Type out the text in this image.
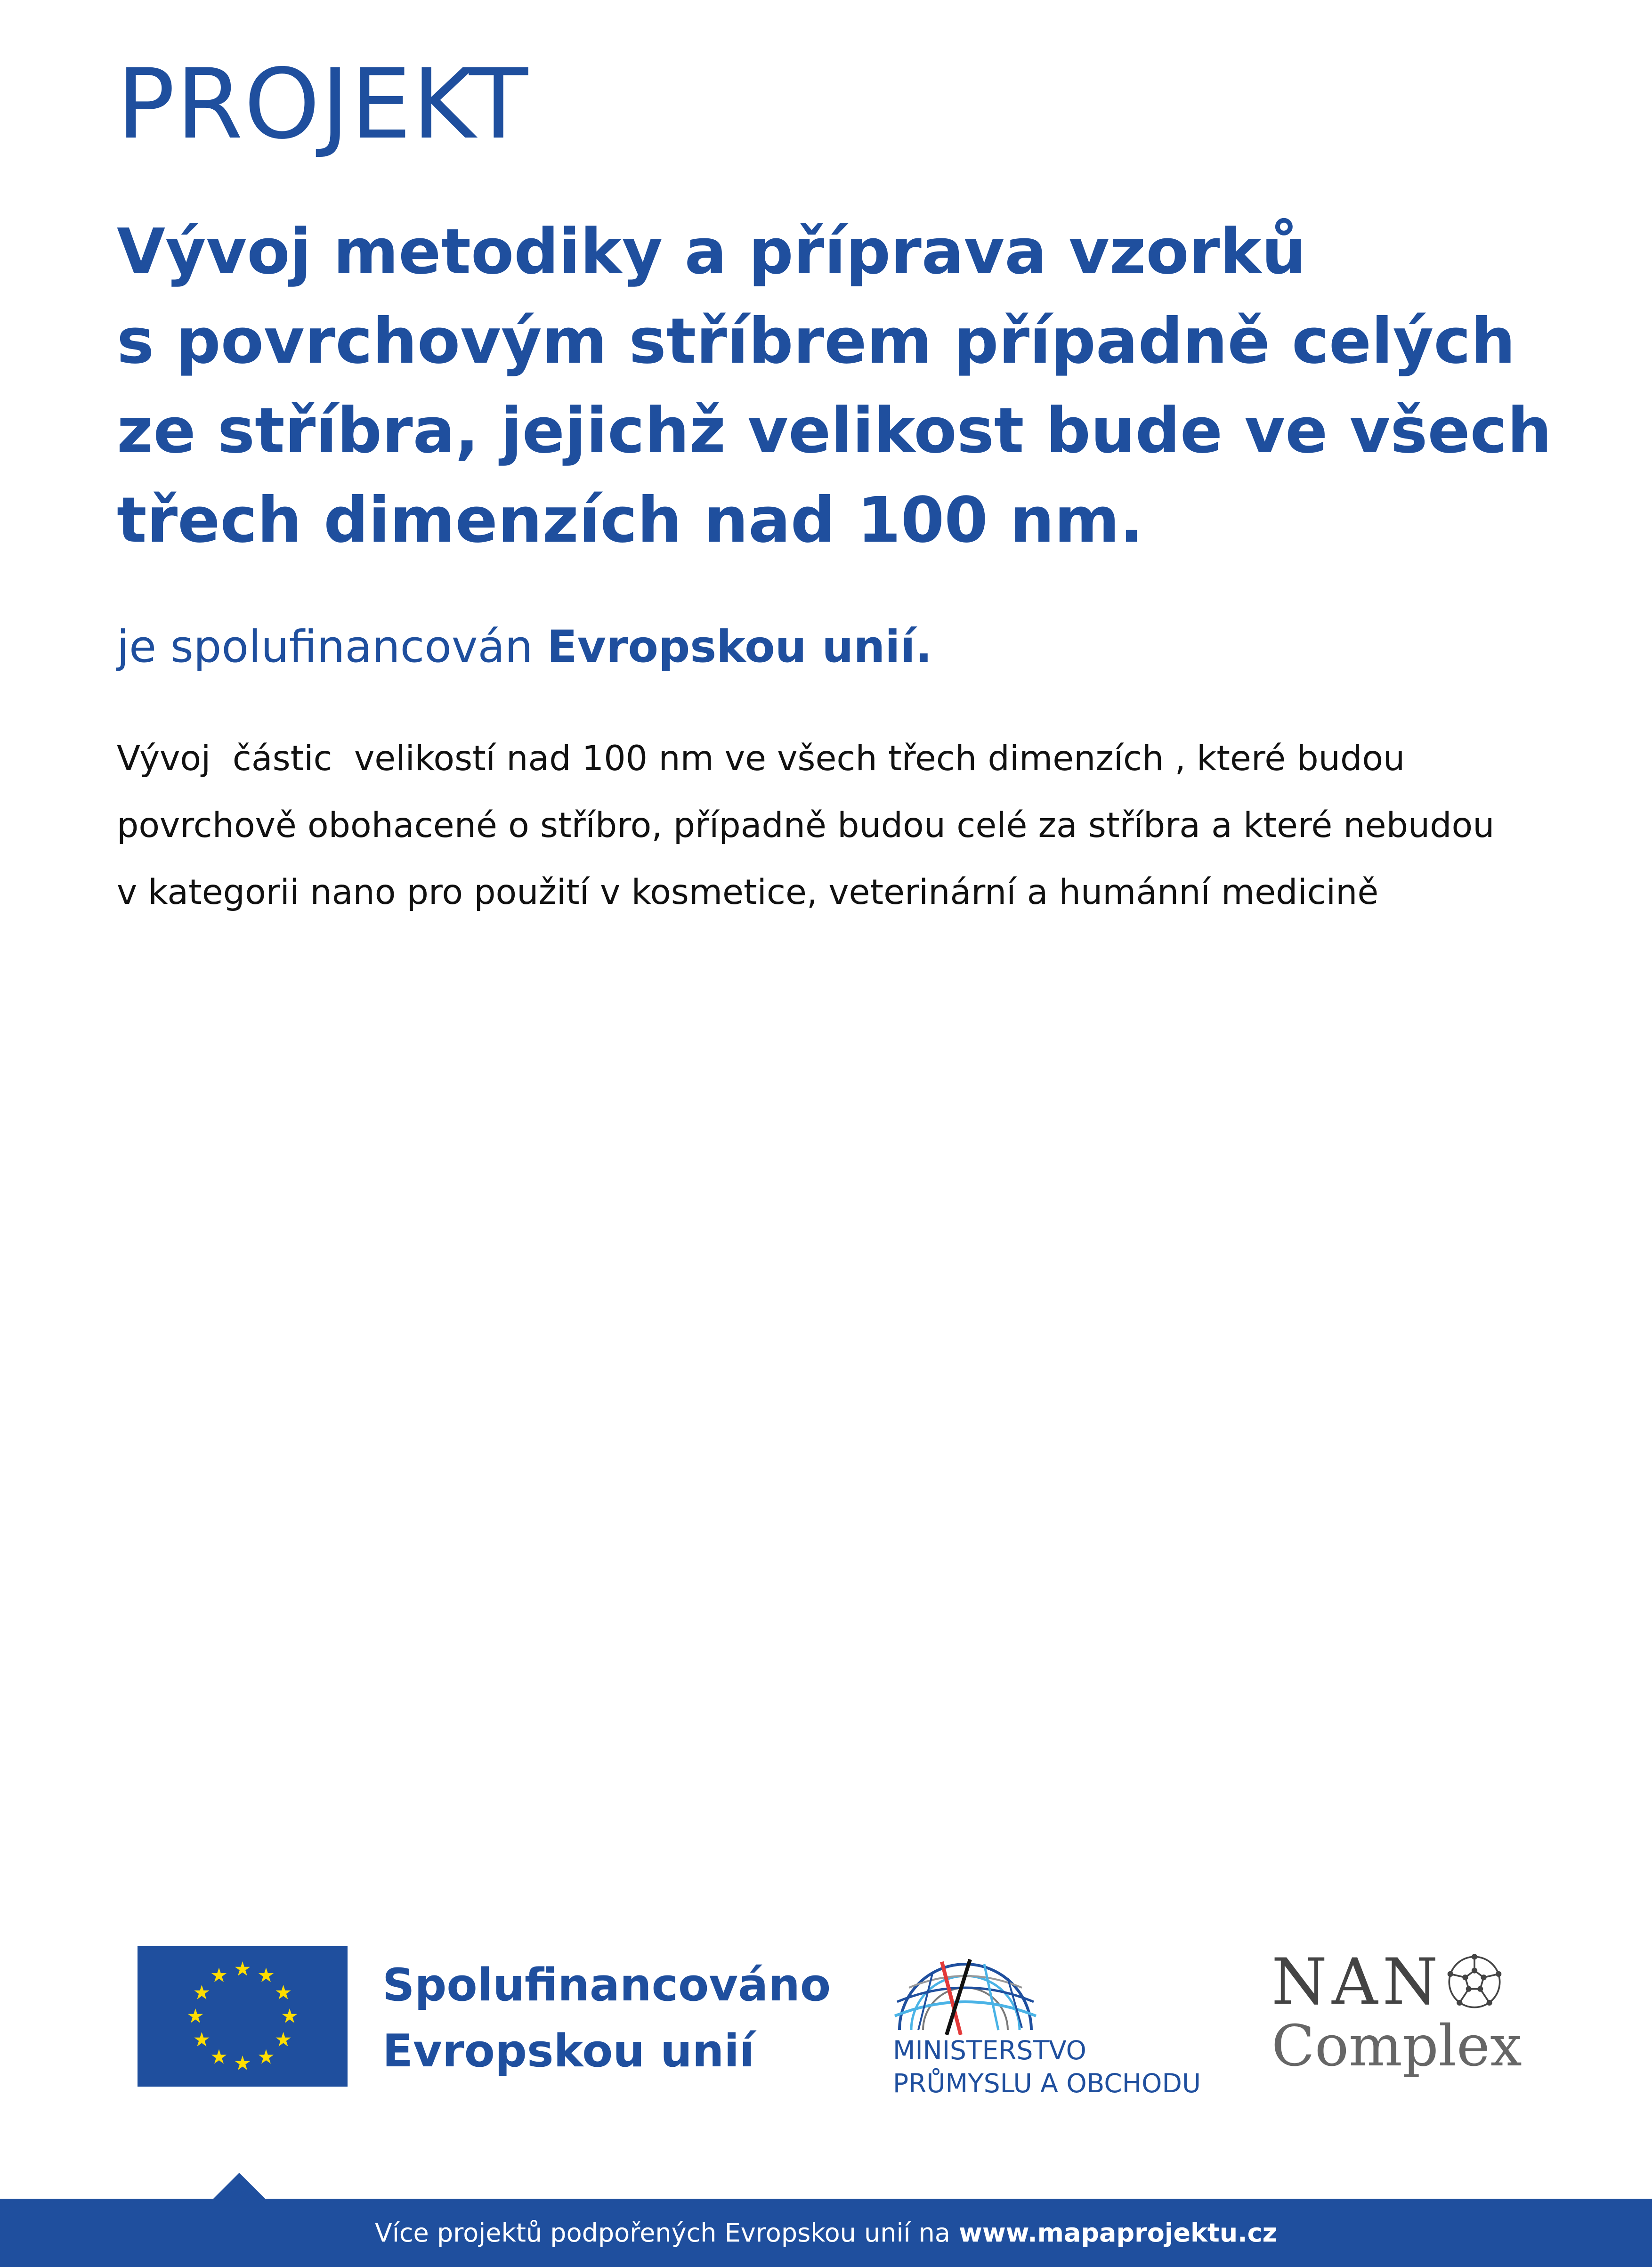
PROJEKT
Vývoj metodiky a příprava vzorků
s povrchovým stříbrem případně celých
ze stříbra, jejichž velikost bude ve všech
třech dimenzích nad 100 nm.

je spolufinancován Evropskou unií.

Vývoj  částic  velikostí nad 100 nm ve všech třech dimenzích , které budou
povrchově obohacené o stříbro, případně budou celé za stříbra a které nebudou
v kategorii nano pro použití v kosmetice, veterinární a humánní medicině

Spolufinancováno
Evropskou unií	MINISTERSTVO
PRŮMYSLU A OBCHODU
NAN
Complex
Více projektů podpořených Evropskou unií na www.mapaprojektu.cz
